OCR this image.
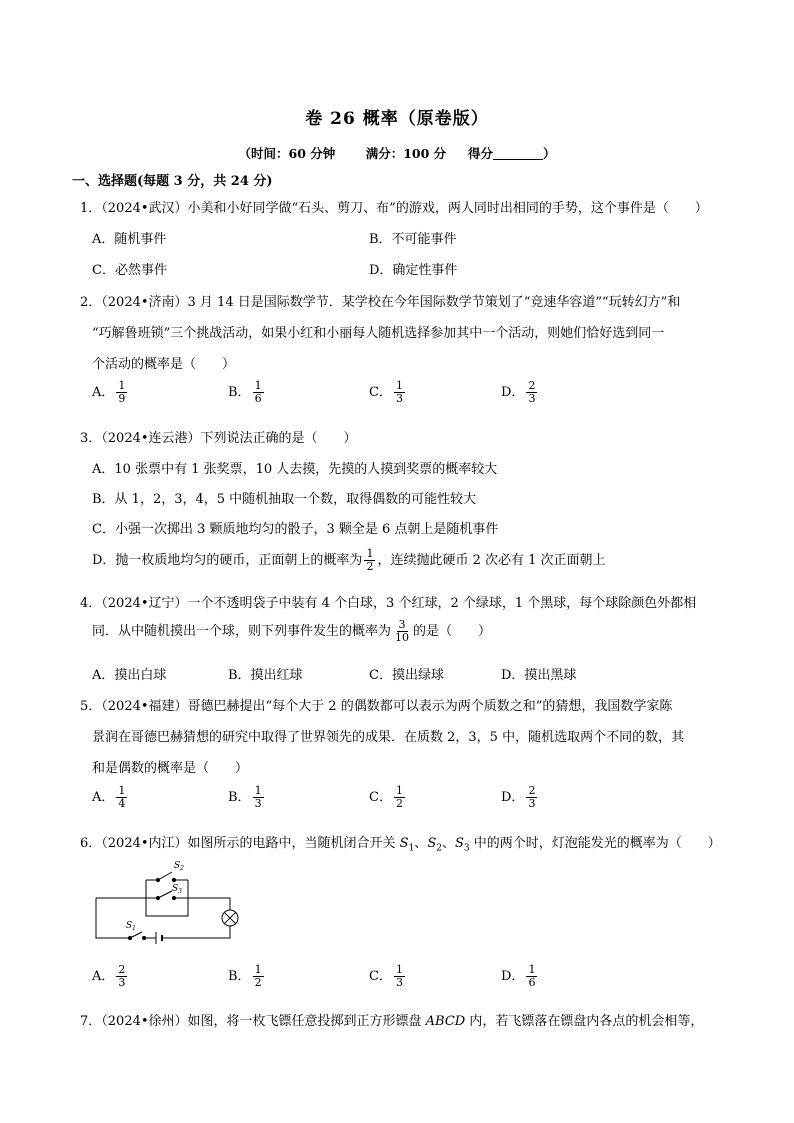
卷 26 概率（原卷版）
（时间：60 分钟 满分：100 分 得分	）
一、选择题(每题 3 分，共 24 分)
1．（2024•武汉）小美和小好同学做“石头、剪刀、布”的游戏，两人同时出相同的手势，这个事件是（　　）
A．随机事件	B．不可能事件
C．必然事件	D．确定性事件
2．（2024•济南）3 月 14 日是国际数学节．某学校在今年国际数学节策划了“竞速华容道”“玩转幻方”和
“巧解鲁班锁”三个挑战活动，如果小红和小丽每人随机选择参加其中一个活动，则她们恰好选到同一
个活动的概率是（　　）
A． $\frac{1}{9}$	B． $\frac{1}{6}$	C． $\frac{1}{3}$	D． $\frac{2}{3}$
3．（2024•连云港）下列说法正确的是（　　）
A．10 张票中有 1 张奖票，10 人去摸，先摸的人摸到奖票的概率较大
B．从 1，2，3，4，5 中随机抽取一个数，取得偶数的可能性较大
C．小强一次掷出 3 颗质地均匀的骰子，3 颗全是 6 点朝上是随机事件
D．抛一枚质地均匀的硬币，正面朝上的概率为 $\frac{1}{2}$ ，连续抛此硬币 2 次必有 1 次正面朝上
4．（2024•辽宁）一个不透明袋子中装有 4 个白球，3 个红球，2 个绿球，1 个黑球，每个球除颜色外都相
同．从中随机摸出一个球，则下列事件发生的概率为 $\frac{3}{10}$ 的是（　　）
A．摸出白球	B．摸出红球	C．摸出绿球	D．摸出黑球
5．（2024•福建）哥德巴赫提出“每个大于 2 的偶数都可以表示为两个质数之和”的猜想，我国数学家陈
景润在哥德巴赫猜想的研究中取得了世界领先的成果．在质数 2，3，5 中，随机选取两个不同的数，其
和是偶数的概率是（　　）
A． $\frac{1}{4}$	B． $\frac{1}{3}$	C． $\frac{1}{2}$	D． $\frac{2}{3}$
6．（2024•内江）如图所示的电路中，当随机闭合开关 $S_1$、$S_2$、$S_3$ 中的两个时，灯泡能发光的概率为（　　）
$S_2$
$S_3$
$S_1$
A． $\frac{2}{3}$	B． $\frac{1}{2}$	C． $\frac{1}{3}$	D． $\frac{1}{6}$
7．（2024•徐州）如图，将一枚飞镖任意投掷到正方形镖盘 ABCD 内，若飞镖落在镖盘内各点的机会相等，
